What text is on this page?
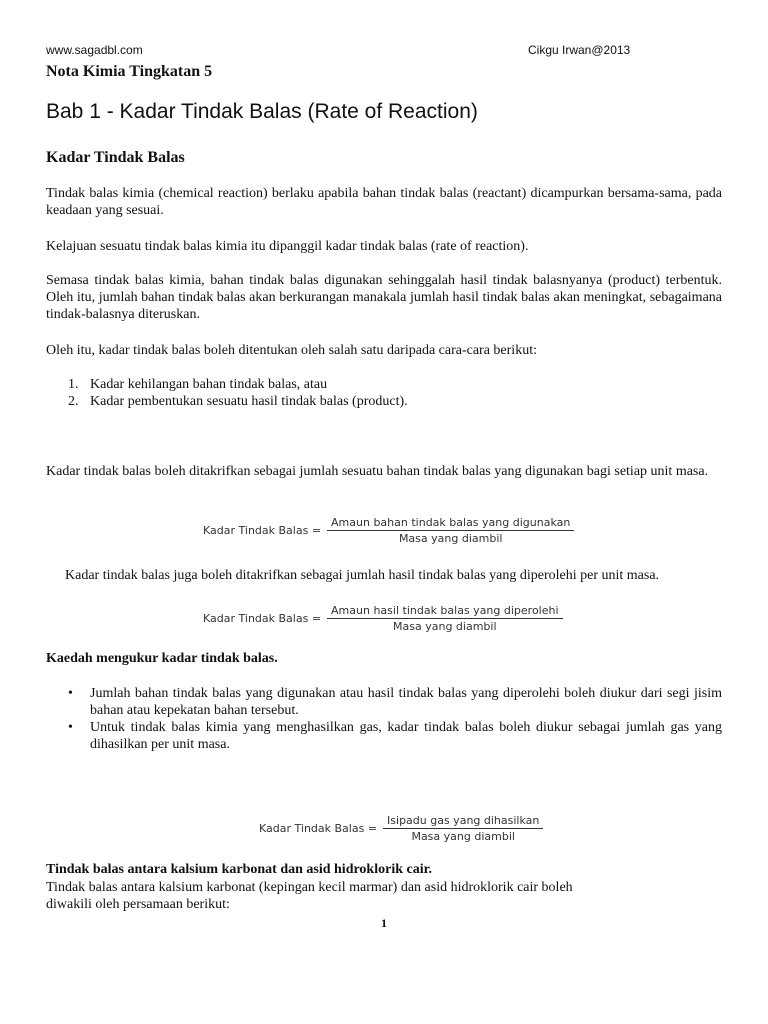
www.sagadbl.com	Cikgu Irwan@2013
Nota Kimia Tingkatan 5
Bab 1 - Kadar Tindak Balas (Rate of Reaction)
Kadar Tindak Balas

Tindak balas kimia (chemical reaction) berlaku apabila bahan tindak balas (reactant) dicampurkan bersama-sama, pada keadaan yang sesuai.

Kelajuan sesuatu tindak balas kimia itu dipanggil kadar tindak balas (rate of reaction).

Semasa tindak balas kimia, bahan tindak balas digunakan sehinggalah hasil tindak balasnyanya (product) terbentuk. Oleh itu, jumlah bahan tindak balas akan berkurangan manakala jumlah hasil tindak balas akan meningkat, sebagaimana tindak-balasnya diteruskan.

Oleh itu, kadar tindak balas boleh ditentukan oleh salah satu daripada cara-cara berikut:

1. Kadar kehilangan bahan tindak balas, atau
2. Kadar pembentukan sesuatu hasil tindak balas (product).

Kadar tindak balas boleh ditakrifkan sebagai jumlah sesuatu bahan tindak balas yang digunakan bagi setiap unit masa.

Kadar Tindak Balas = $\frac{\text{Amaun bahan tindak balas yang digunakan}}{\text{Masa yang diambil}}$

Kadar tindak balas juga boleh ditakrifkan sebagai jumlah hasil tindak balas yang diperolehi per unit masa.

Kadar Tindak Balas = $\frac{\text{Amaun hasil tindak balas yang diperolehi}}{\text{Masa yang diambil}}$
Kaedah mengukur kadar tindak balas.
• Jumlah bahan tindak balas yang digunakan atau hasil tindak balas yang diperolehi boleh diukur dari segi jisim bahan atau kepekatan bahan tersebut.
• Untuk tindak balas kimia yang menghasilkan gas, kadar tindak balas boleh diukur sebagai jumlah gas yang dihasilkan per unit masa.
Kadar Tindak Balas = $\frac{\text{Isipadu gas yang dihasilkan}}{\text{Masa yang diambil}}$
Tindak balas antara kalsium karbonat dan asid hidroklorik cair.
Tindak balas antara kalsium karbonat (kepingan kecil marmar) dan asid hidroklorik cair boleh
diwakili oleh persamaan berikut:
1
